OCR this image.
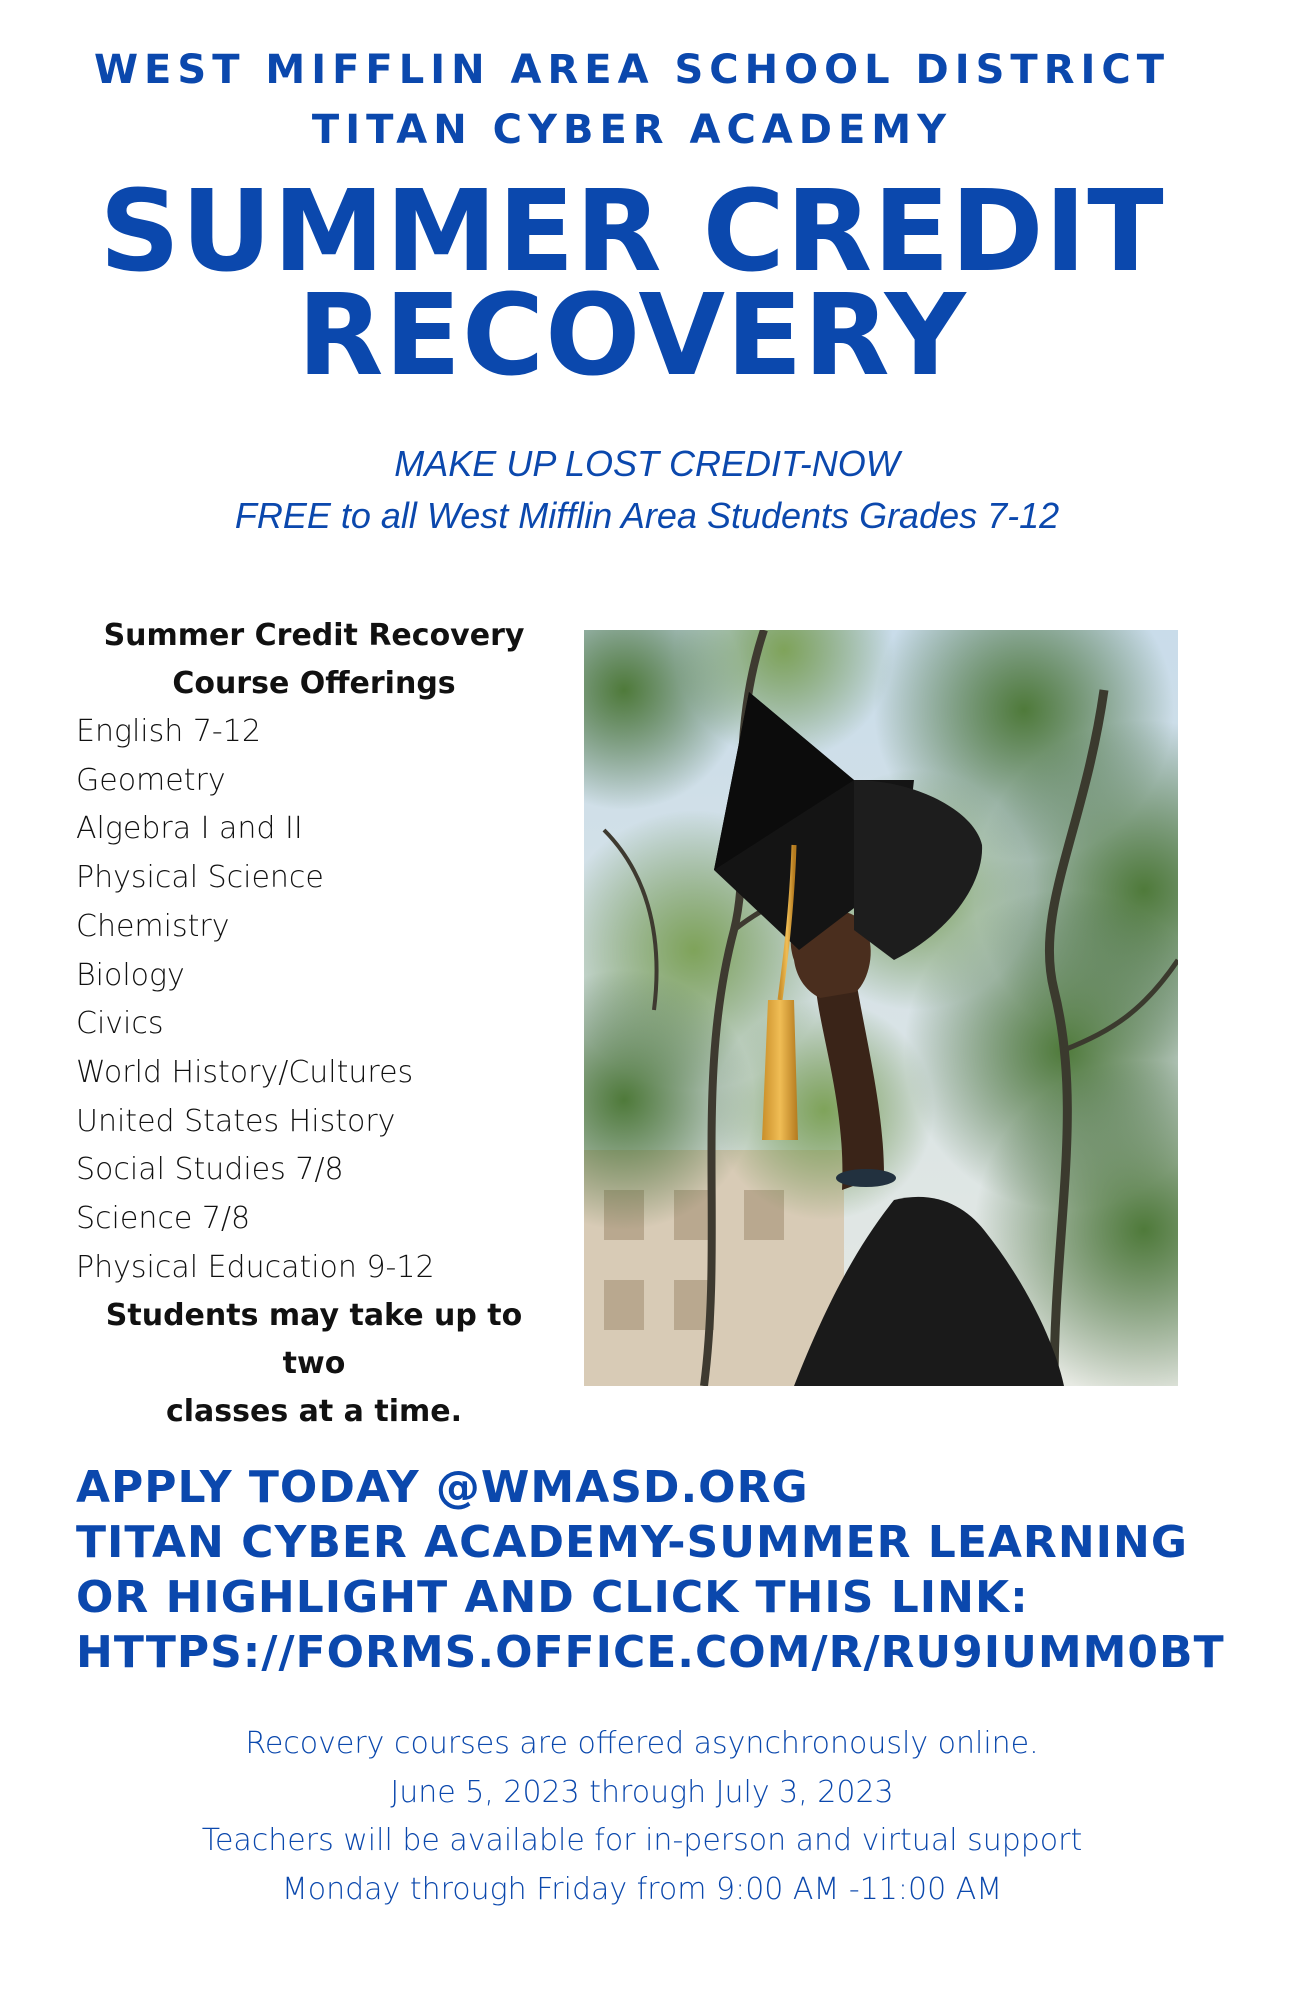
WEST MIFFLIN AREA SCHOOL DISTRICT
TITAN CYBER ACADEMY
SUMMER CREDIT
RECOVERY
MAKE UP LOST CREDIT-NOW
FREE to all West Mifflin Area Students Grades 7-12
Summer Credit Recovery
Course Offerings
English 7-12
Geometry
Algebra I and II
Physical Science
Chemistry
Biology
Civics
World History/Cultures
United States History
Social Studies 7/8
Science 7/8
Physical Education 9-12
Students may take up to two
classes at a time.
APPLY TODAY @WMASD.ORG
TITAN CYBER ACADEMY-SUMMER LEARNING
OR HIGHLIGHT AND CLICK THIS LINK:
HTTPS://FORMS.OFFICE.COM/R/RU9IUMM0BT
Recovery courses are offered asynchronously online.
June 5, 2023 through July 3, 2023
Teachers will be available for in-person and virtual support
Monday through Friday from 9:00 AM -11:00 AM
